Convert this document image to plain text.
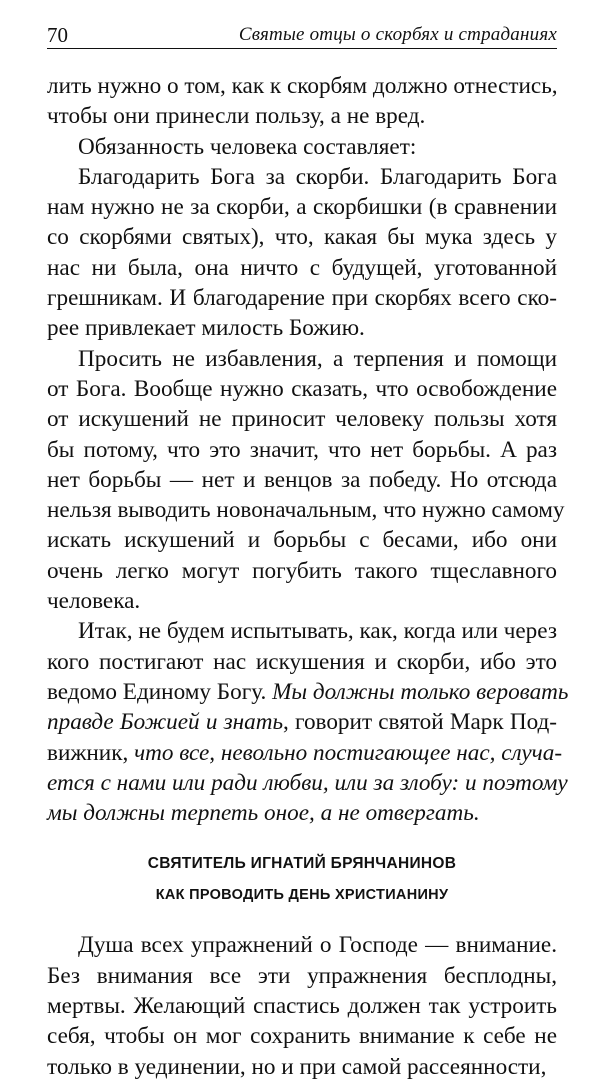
70	Святые отцы о скорбях и страданиях

лить нужно о том, как к скорбям должно отнестись,
чтобы они принесли пользу, а не вред.

Обязанность человека составляет:

Благодарить Бога за скорби. Благодарить Бога
нам нужно не за скорби, а скорбишки (в сравнении
со скорбями святых), что, какая бы мука здесь у
нас ни была, она ничто с будущей, уготованной
грешникам. И благодарение при скорбях всего ско-
рее привлекает милость Божию.

Просить не избавления, а терпения и помощи
от Бога. Вообще нужно сказать, что освобождение
от искушений не приносит человеку пользы хотя
бы потому, что это значит, что нет борьбы. А раз
нет борьбы — нет и венцов за победу. Но отсюда
нельзя выводить новоначальным, что нужно самому
искать искушений и борьбы с бесами, ибо они
очень легко могут погубить такого тщеславного
человека.

Итак, не будем испытывать, как, когда или через
кого постигают нас искушения и скорби, ибо это
ведомо Единому Богу. Мы должны только веровать
правде Божией и знать, говорит святой Марк Под-
вижник, что все, невольно постигающее нас, случа-
ется с нами или ради любви, или за злобу: и поэтому
мы должны терпеть оное, а не отвергать.

СВЯТИТЕЛЬ ИГНАТИЙ БРЯНЧАНИНОВ
КАК ПРОВОДИТЬ ДЕНЬ ХРИСТИАНИНУ

Душа всех упражнений о Господе — внимание.
Без внимания все эти упражнения бесплодны,
мертвы. Желающий спастись должен так устроить
себя, чтобы он мог сохранить внимание к себе не
только в уединении, но и при самой рассеянности,
